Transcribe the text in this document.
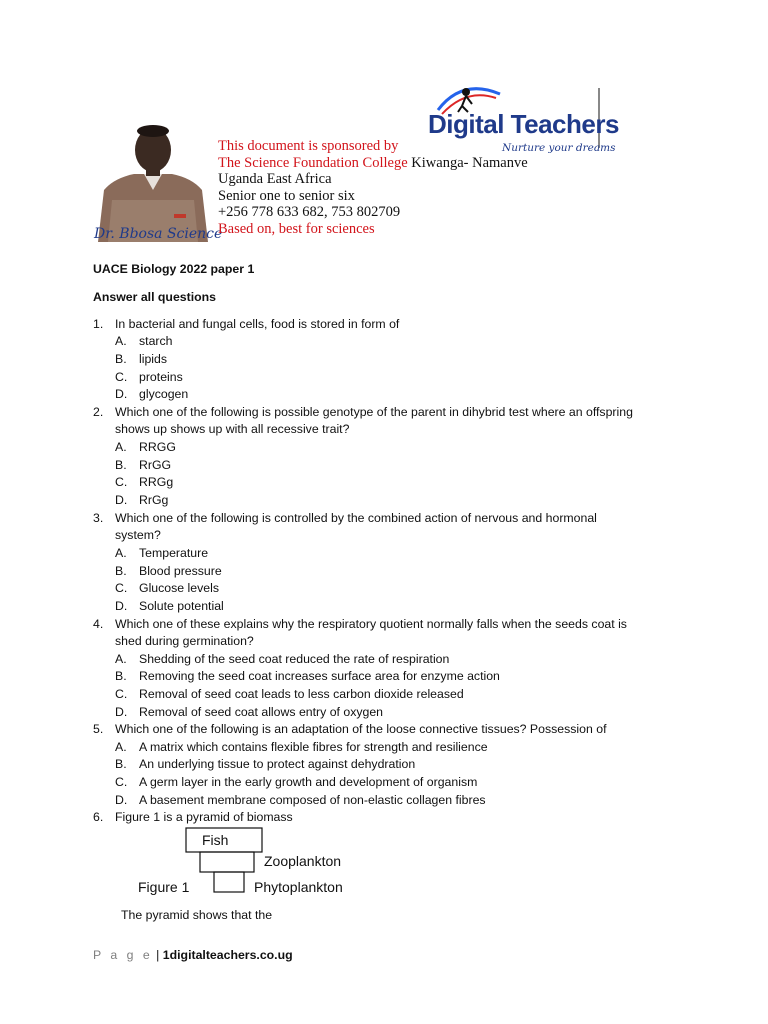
Dr. Bbosa Science
This document is sponsored by
The Science Foundation College Kiwanga- Namanve
Uganda East Africa
Senior one to senior six
+256 778 633 682, 753 802709
Based on, best for sciences
Digital Teachers
Nurture your dreams
UACE Biology 2022 paper 1
Answer all questions
1. In bacterial and fungal cells, food is stored in form of
A. starch
B. lipids
C. proteins
D. glycogen
2. Which one of the following is possible genotype of the parent in dihybrid test where an offspring
shows up shows up with all recessive trait?
A. RRGG
B. RrGG
C. RRGg
D. RrGg
3. Which one of the following is controlled by the combined action of nervous and hormonal
system?
A. Temperature
B. Blood pressure
C. Glucose levels
D. Solute potential
4. Which one of these explains why the respiratory quotient normally falls when the seeds coat is
shed during germination?
A. Shedding of the seed coat reduced the rate of respiration
B. Removing the seed coat increases surface area for enzyme action
C. Removal of seed coat leads to less carbon dioxide released
D. Removal of seed coat allows entry of oxygen
5. Which one of the following is an adaptation of the loose connective tissues? Possession of
A. A matrix which contains flexible fibres for strength and resilience
B. An underlying tissue to protect against dehydration
C. A germ layer in the early growth and development of organism
D. A basement membrane composed of non-elastic collagen fibres
6. Figure 1 is a pyramid of biomass
Fish
Zooplankton
Figure 1	Phytoplankton
The pyramid shows that the
P a g e | 1digitalteachers.co.ug
